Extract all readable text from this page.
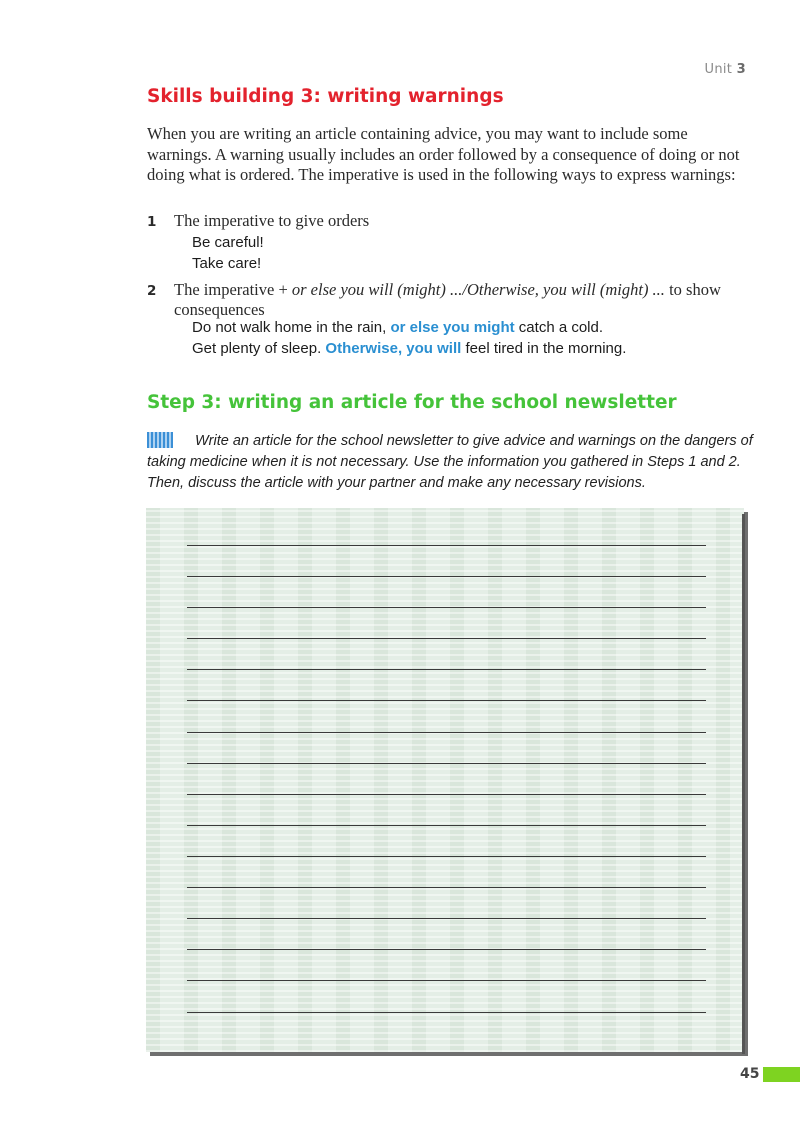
Unit 3
Skills building 3: writing warnings

When you are writing an article containing advice, you may want to include some warnings. A warning usually includes an order followed by a consequence of doing or not doing what is ordered. The imperative is used in the following ways to express warnings:

1 The imperative to give orders
Be careful!
Take care!
2 The imperative + or else you will (might) .../Otherwise, you will (might) ... to show
consequences
Do not walk home in the rain, or else you might catch a cold.
Get plenty of sleep. Otherwise, you will feel tired in the morning.
Step 3: writing an article for the school newsletter

Write an article for the school newsletter to give advice and warnings on the dangers of taking medicine when it is not necessary. Use the information you gathered in Steps 1 and 2. Then, discuss the article with your partner and make any necessary revisions.

45
